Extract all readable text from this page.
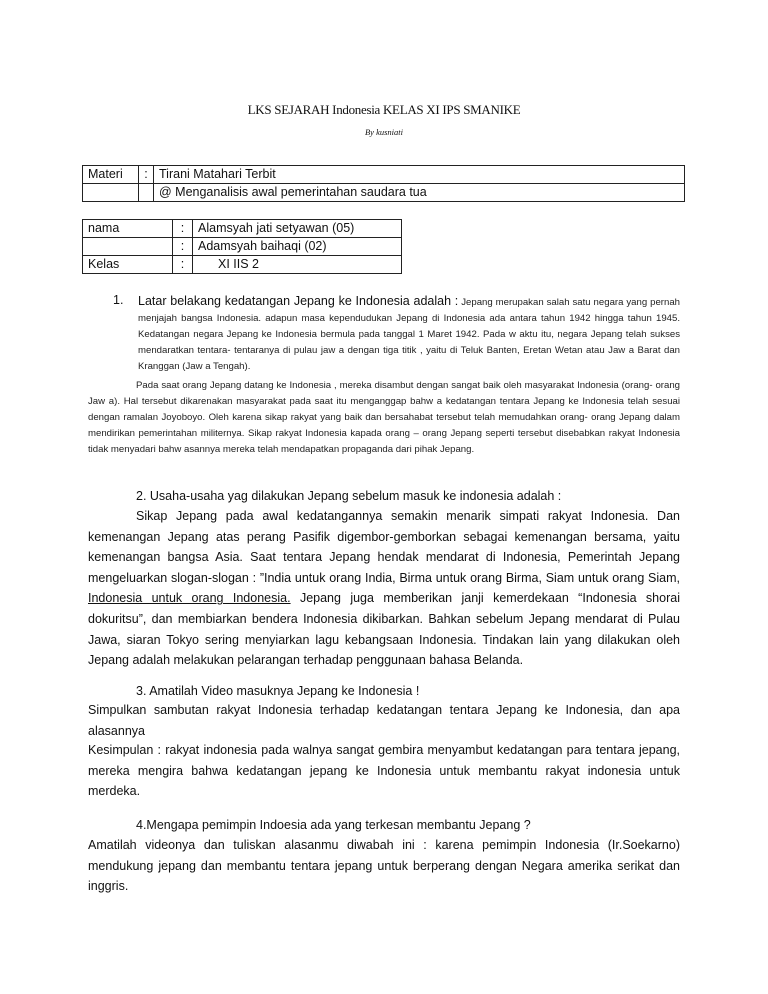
LKS SEJARAH Indonesia KELAS XI IPS SMANIKE
By kusniati
Materi	:	Tirani Matahari Terbit
		@ Menganalisis awal pemerintahan saudara tua
nama	:	Alamsyah jati setyawan (05)
	:	Adamsyah baihaqi (02)
Kelas	:	XI IIS 2
1. Latar belakang kedatangan Jepang ke Indonesia adalah : Jepang merupakan salah satu negara yang pernah menjajah bangsa Indonesia. adapun masa kependudukan Jepang di Indonesia ada antara tahun 1942 hingga tahun 1945. Kedatangan negara Jepang ke Indonesia bermula pada tanggal 1 Maret 1942. Pada w aktu itu, negara Jepang telah sukses mendaratkan tentara- tentaranya di pulau jaw a dengan tiga titik , yaitu di Teluk Banten, Eretan Wetan atau Jaw a Barat dan Kranggan (Jaw a Tengah).
Pada saat orang Jepang datang ke Indonesia , mereka disambut dengan sangat baik oleh masyarakat Indonesia (orang- orang Jaw a). Hal tersebut dikarenakan masyarakat pada saat itu menganggap bahw a kedatangan tentara Jepang ke Indonesia telah sesuai dengan ramalan Joyoboyo. Oleh karena sikap rakyat yang baik dan bersahabat tersebut telah memudahkan orang- orang Jepang dalam mendirikan pemerintahan militernya. Sikap rakyat Indonesia kapada orang – orang Jepang seperti tersebut disebabkan rakyat Indonesia tidak menyadari bahw asannya mereka telah mendapatkan propaganda dari pihak Jepang.
2. Usaha-usaha yag dilakukan Jepang sebelum masuk ke indonesia adalah :
Sikap Jepang pada awal kedatangannya semakin menarik simpati rakyat Indonesia. Dan kemenangan Jepang atas perang Pasifik digembor-gemborkan sebagai kemenangan bersama, yaitu kemenangan bangsa Asia. Saat tentara Jepang hendak mendarat di Indonesia, Pemerintah Jepang mengeluarkan slogan-slogan : ”India untuk orang India, Birma untuk orang Birma, Siam untuk orang Siam, Indonesia untuk orang Indonesia. Jepang juga memberikan janji kemerdekaan “Indonesia shorai dokuritsu”, dan membiarkan bendera Indonesia dikibarkan. Bahkan sebelum Jepang mendarat di Pulau Jawa, siaran Tokyo sering menyiarkan lagu kebangsaan Indonesia. Tindakan lain yang dilakukan oleh Jepang adalah melakukan pelarangan terhadap penggunaan bahasa Belanda.
3. Amatilah Video masuknya Jepang ke Indonesia !
Simpulkan sambutan rakyat Indonesia terhadap kedatangan tentara Jepang ke Indonesia, dan apa alasannya
Kesimpulan : rakyat indonesia pada walnya sangat gembira menyambut kedatangan para tentara jepang, mereka mengira bahwa kedatangan jepang ke Indonesia untuk membantu rakyat indonesia untuk merdeka.
4.Mengapa pemimpin Indoesia ada yang terkesan membantu Jepang ?
Amatilah videonya dan tuliskan alasanmu diwabah ini : karena pemimpin Indonesia (Ir.Soekarno) mendukung jepang dan membantu tentara jepang untuk berperang dengan Negara amerika serikat dan inggris.
